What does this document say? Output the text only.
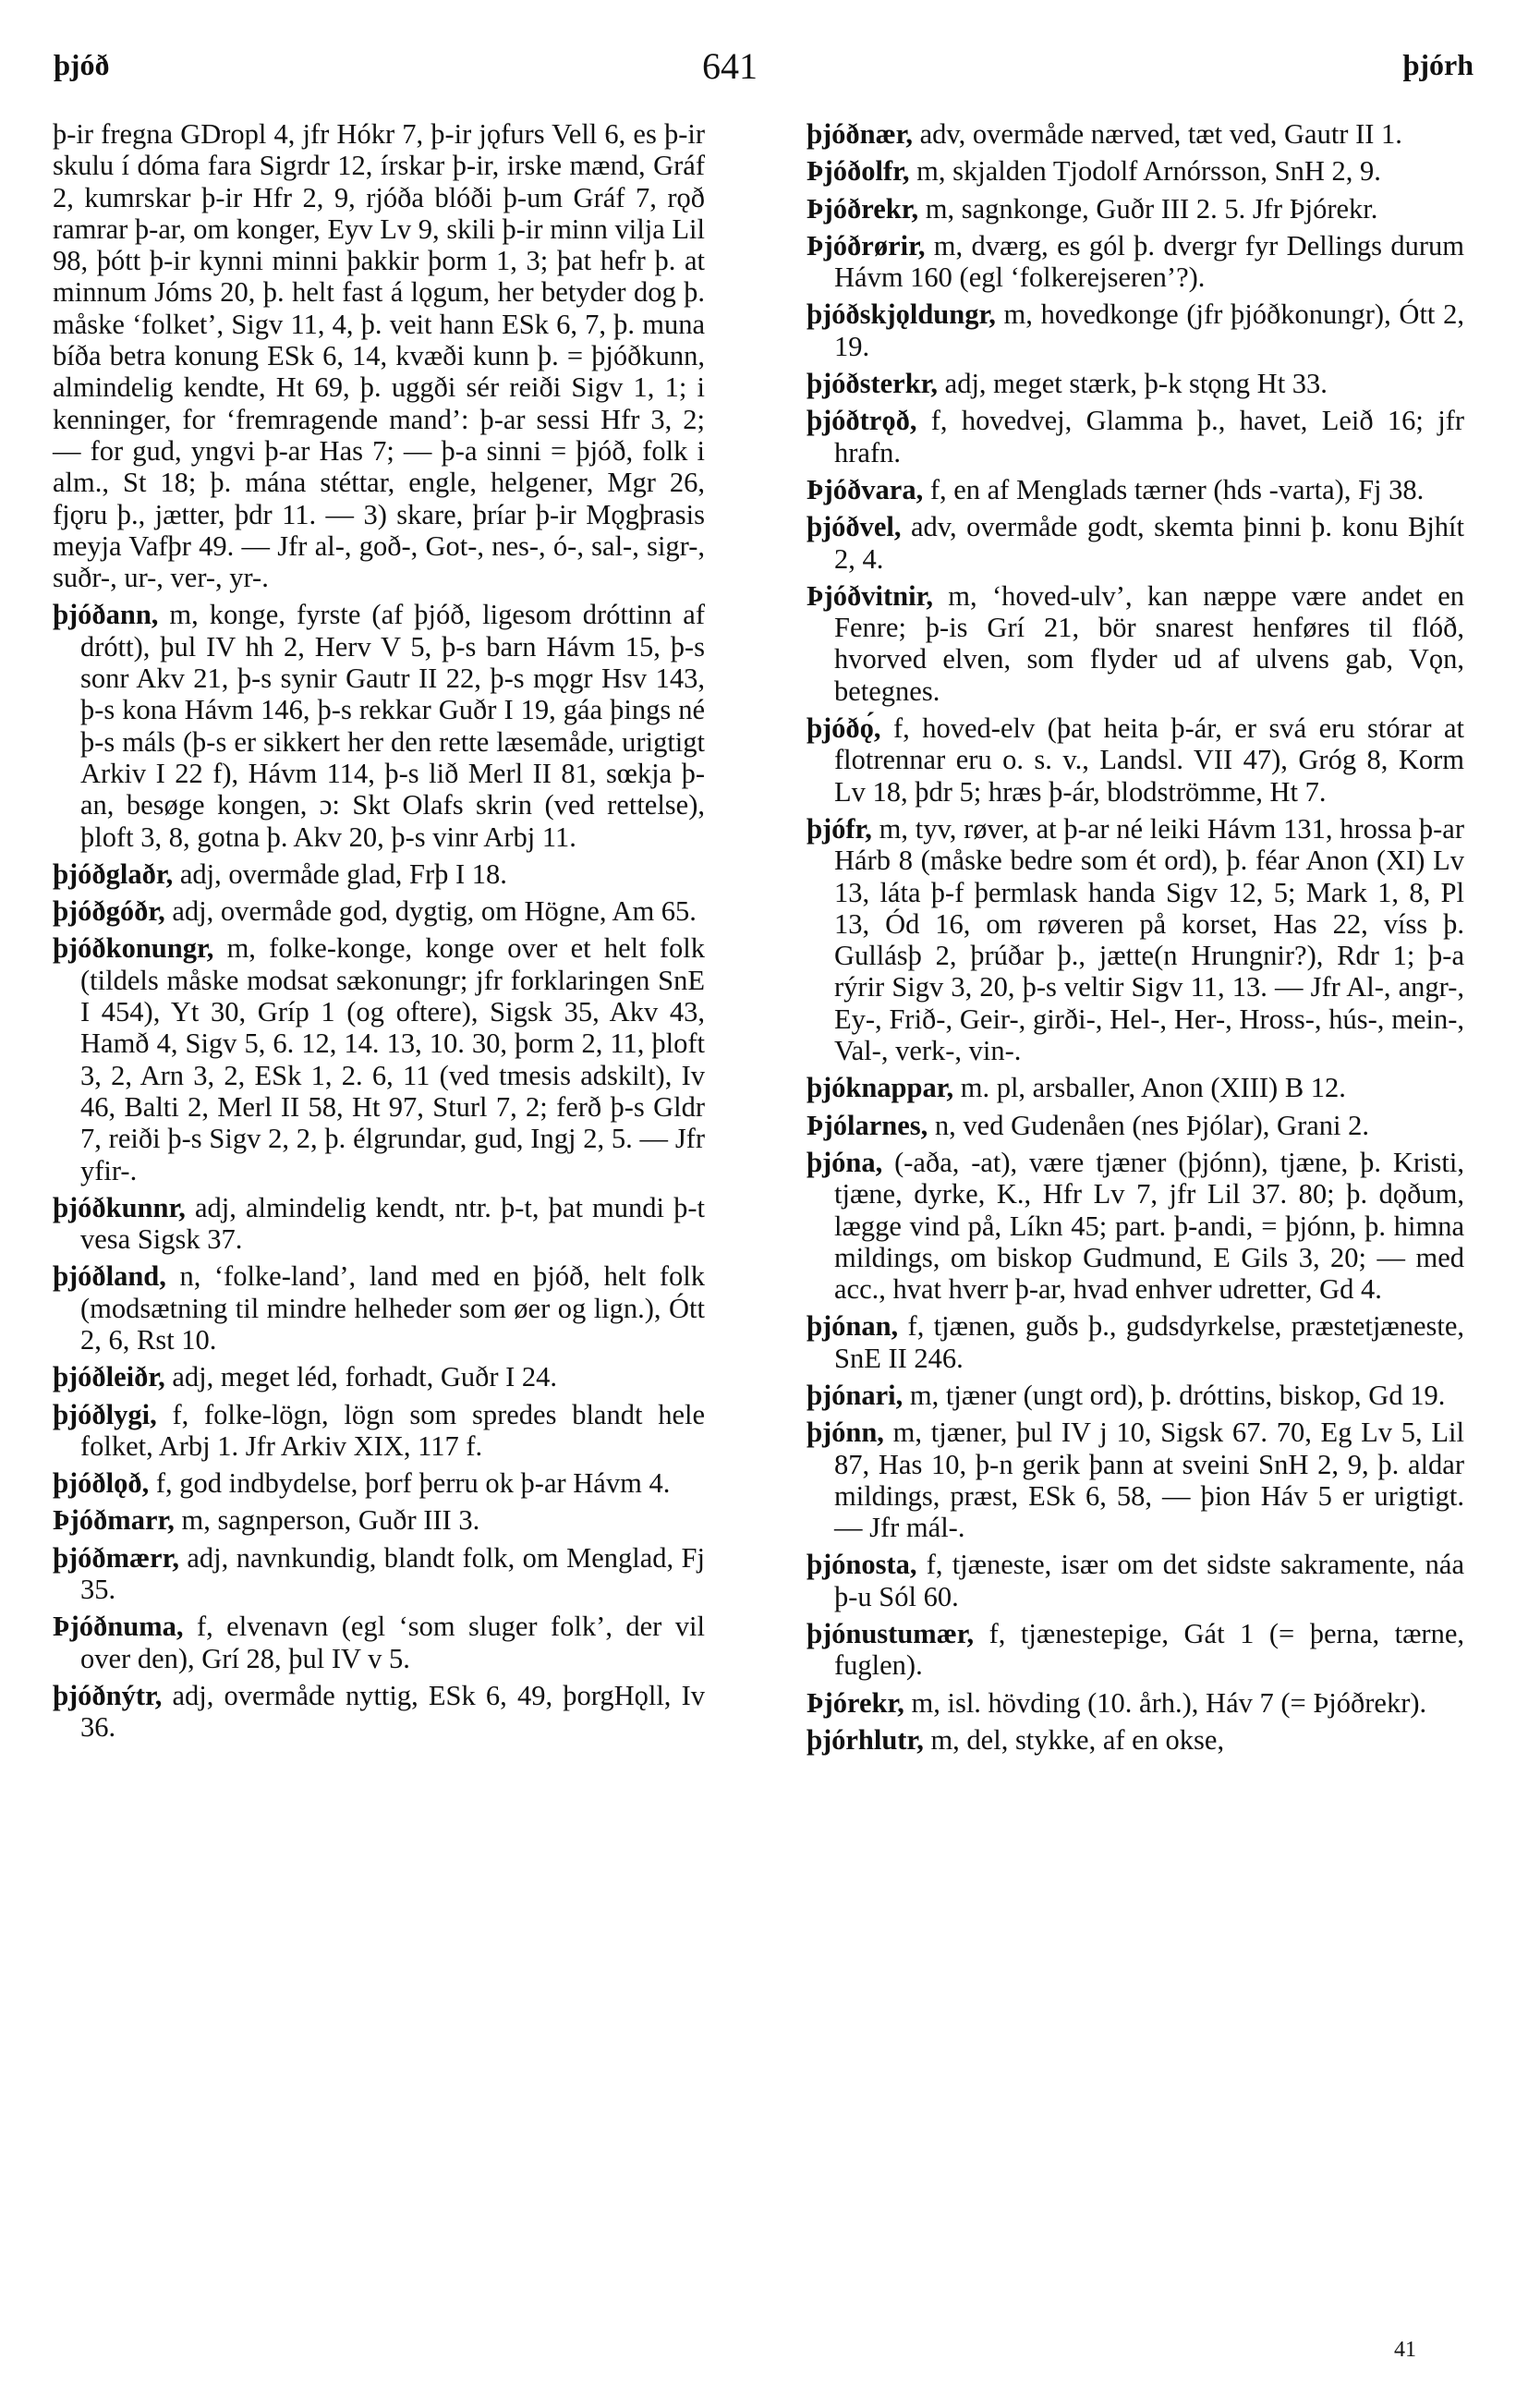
þjóð	641	þjórh

þ-ir fregna GDropl 4, jfr Hókr 7, þ-ir jǫfurs Vell 6, es þ-ir skulu í dóma fara Sigrdr 12, írskar þ-ir, irske mænd, Gráf 2, kumrskar þ-ir Hfr 2, 9, rjóða blóði þ-um Gráf 7, rǫð ramrar þ-ar, om konger, Eyv Lv 9, skili þ-ir minn vilja Lil 98, þótt þ-ir kynni minni þakkir þorm 1, 3; þat hefr þ. at minnum Jóms 20, þ. helt fast á lǫgum, her betyder dog þ. måske ‘folket’, Sigv 11, 4, þ. veit hann ESk 6, 7, þ. muna bíða betra konung ESk 6, 14, kvæði kunn þ. = þjóðkunn, almindelig kendte, Ht 69, þ. uggði sér reiði Sigv 1, 1; i kenninger, for ‘fremragende mand’: þ-ar sessi Hfr 3, 2; — for gud, yngvi þ-ar Has 7; — þ-a sinni = þjóð, folk i alm., St 18; þ. mána stéttar, engle, helgener, Mgr 26, fjǫru þ., jætter, þdr 11. — 3) skare, þríar þ-ir Mǫgþrasis meyja Vafþr 49. — Jfr al-, goð-, Got-, nes-, ó-, sal-, sigr-, suðr-, ur-, ver-, yr-.

þjóðann, m, konge, fyrste (af þjóð, ligesom dróttinn af drótt), þul IV hh 2, Herv V 5, þ-s barn Hávm 15, þ-s sonr Akv 21, þ-s synir Gautr II 22, þ-s mǫgr Hsv 143, þ-s kona Hávm 146, þ-s rekkar Guðr I 19, gáa þings né þ-s máls (þ-s er sikkert her den rette læsemåde, urigtigt Arkiv I 22 f), Hávm 114, þ-s lið Merl II 81, sœkja þ-an, besøge kongen, ɔ: Skt Olafs skrin (ved rettelse), þloft 3, 8, gotna þ. Akv 20, þ-s vinr Arbj 11.

þjóðglaðr, adj, overmåde glad, Frþ I 18.

þjóðgóðr, adj, overmåde god, dygtig, om Högne, Am 65.

þjóðkonungr, m, folke-konge, konge over et helt folk (tildels måske modsat sækonungr; jfr forklaringen SnE I 454), Yt 30, Gríp 1 (og oftere), Sigsk 35, Akv 43, Hamð 4, Sigv 5, 6. 12, 14. 13, 10. 30, þorm 2, 11, þloft 3, 2, Arn 3, 2, ESk 1, 2. 6, 11 (ved tmesis adskilt), Iv 46, Balti 2, Merl II 58, Ht 97, Sturl 7, 2; ferð þ-s Gldr 7, reiði þ-s Sigv 2, 2, þ. élgrundar, gud, Ingj 2, 5. — Jfr yfir-.

þjóðkunnr, adj, almindelig kendt, ntr. þ-t, þat mundi þ-t vesa Sigsk 37.

þjóðland, n, ‘folke-land’, land med en þjóð, helt folk (modsætning til mindre helheder som øer og lign.), Ótt 2, 6, Rst 10.

þjóðleiðr, adj, meget léd, forhadt, Guðr I 24.

þjóðlygi, f, folke-lögn, lögn som spredes blandt hele folket, Arbj 1. Jfr Arkiv XIX, 117 f.

þjóðlǫð, f, god indbydelse, þorf þerru ok þ-ar Hávm 4.

Þjóðmarr, m, sagnperson, Guðr III 3.

þjóðmærr, adj, navnkundig, blandt folk, om Menglad, Fj 35.

Þjóðnuma, f, elvenavn (egl ‘som sluger folk’, der vil over den), Grí 28, þul IV v 5.

þjóðnýtr, adj, overmåde nyttig, ESk 6, 49, þorgHǫll, Iv 36.

þjóðnær, adv, overmåde nærved, tæt ved, Gautr II 1.

Þjóðolfr, m, skjalden Tjodolf Arnórsson, SnH 2, 9.

Þjóðrekr, m, sagnkonge, Guðr III 2. 5. Jfr Þjórekr.

Þjóðrørir, m, dværg, es gól þ. dvergr fyr Dellings durum Hávm 160 (egl ‘folkerejseren’?).

þjóðskjǫldungr, m, hovedkonge (jfr þjóðkonungr), Ótt 2, 19.

þjóðsterkr, adj, meget stærk, þ-k stǫng Ht 33.

þjóðtrǫð, f, hovedvej, Glamma þ., havet, Leið 16; jfr hrafn.

Þjóðvara, f, en af Menglads tærner (hds -varta), Fj 38.

þjóðvel, adv, overmåde godt, skemta þinni þ. konu Bjhít 2, 4.

Þjóðvitnir, m, ‘hoved-ulv’, kan næppe være andet en Fenre; þ-is Grí 21, bör snarest henføres til flóð, hvorved elven, som flyder ud af ulvens gab, Vǫn, betegnes.

þjóðǫ́, f, hoved-elv (þat heita þ-ár, er svá eru stórar at flotrennar eru o. s. v., Landsl. VII 47), Gróg 8, Korm Lv 18, þdr 5; hræs þ-ár, blodströmme, Ht 7.

þjófr, m, tyv, røver, at þ-ar né leiki Hávm 131, hrossa þ-ar Hárb 8 (måske bedre som ét ord), þ. féar Anon (XI) Lv 13, láta þ-f þermlask handa Sigv 12, 5; Mark 1, 8, Pl 13, Ód 16, om røveren på korset, Has 22, víss þ. Gullásþ 2, þrúðar þ., jætte(n Hrungnir?), Rdr 1; þ-a rýrir Sigv 3, 20, þ-s veltir Sigv 11, 13. — Jfr Al-, angr-, Ey-, Frið-, Geir-, girði-, Hel-, Her-, Hross-, hús-, mein-, Val-, verk-, vin-.

þjóknappar, m. pl, arsballer, Anon (XIII) B 12.

Þjólarnes, n, ved Gudenåen (nes Þjólar), Grani 2.

þjóna, (-aða, -at), være tjæner (þjónn), tjæne, þ. Kristi, tjæne, dyrke, K., Hfr Lv 7, jfr Lil 37. 80; þ. dǫðum, lægge vind på, Líkn 45; part. þ-andi, = þjónn, þ. himna mildings, om biskop Gudmund, E Gils 3, 20; — med acc., hvat hverr þ-ar, hvad enhver udretter, Gd 4.

þjónan, f, tjænen, guðs þ., gudsdyrkelse, præstetjæneste, SnE II 246.

þjónari, m, tjæner (ungt ord), þ. dróttins, biskop, Gd 19.

þjónn, m, tjæner, þul IV j 10, Sigsk 67. 70, Eg Lv 5, Lil 87, Has 10, þ-n gerik þann at sveini SnH 2, 9, þ. aldar mildings, præst, ESk 6, 58, — þion Háv 5 er urigtigt. — Jfr mál-.

þjónosta, f, tjæneste, især om det sidste sakramente, náa þ-u Sól 60.

þjónustumær, f, tjænestepige, Gát 1 (= þerna, tærne, fuglen).

Þjórekr, m, isl. hövding (10. årh.), Háv 7 (= Þjóðrekr).

þjórhlutr, m, del, stykke, af en okse,

41
